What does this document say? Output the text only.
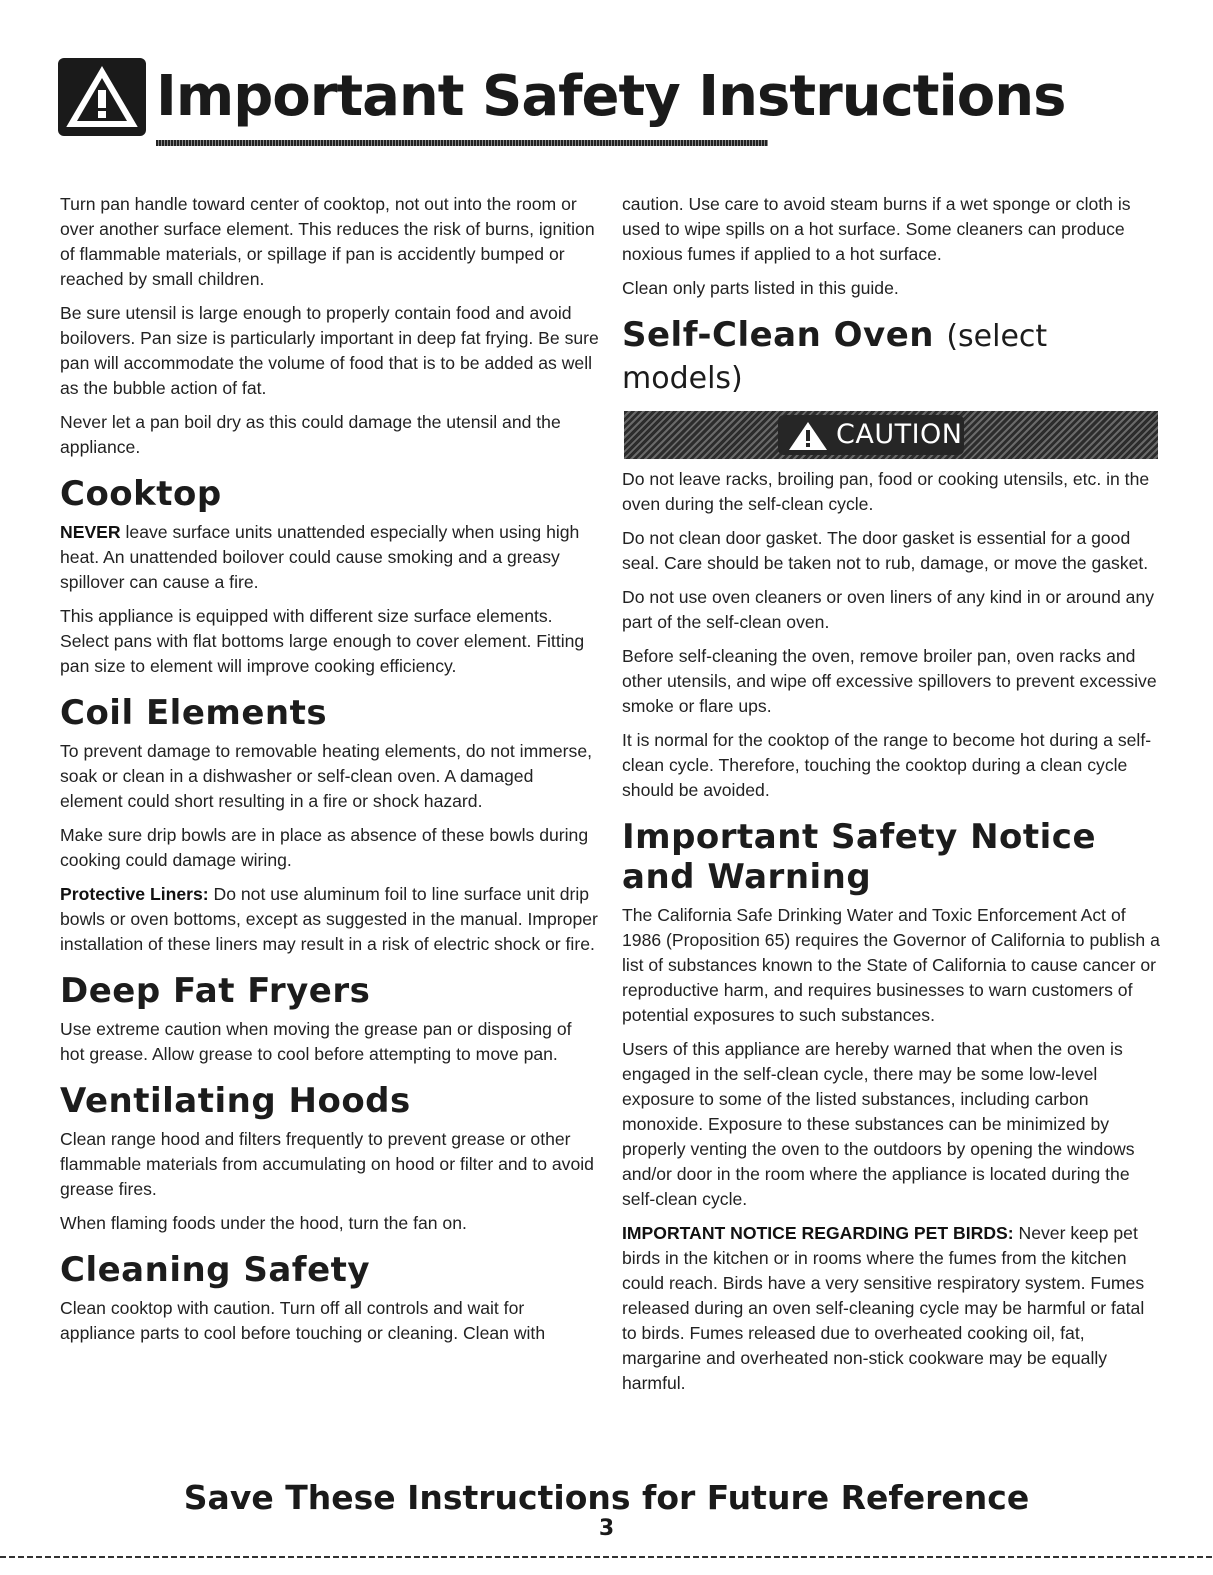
Important Safety Instructions

Turn pan handle toward center of cooktop, not out into the room or over another surface element. This reduces the risk of burns, ignition of flammable materials, or spillage if pan is accidently bumped or reached by small children.

Be sure utensil is large enough to properly contain food and avoid boilovers. Pan size is particularly important in deep fat frying. Be sure pan will accommodate the volume of food that is to be added as well as the bubble action of fat.

Never let a pan boil dry as this could damage the utensil and the appliance.

Cooktop

NEVER leave surface units unattended especially when using high heat. An unattended boilover could cause smoking and a greasy spillover can cause a fire.

This appliance is equipped with different size surface elements. Select pans with flat bottoms large enough to cover element. Fitting pan size to element will improve cooking efficiency.

Coil Elements

To prevent damage to removable heating elements, do not immerse, soak or clean in a dishwasher or self-clean oven. A damaged element could short resulting in a fire or shock hazard.

Make sure drip bowls are in place as absence of these bowls during cooking could damage wiring.

Protective Liners: Do not use aluminum foil to line surface unit drip bowls or oven bottoms, except as suggested in the manual. Improper installation of these liners may result in a risk of electric shock or fire.

Deep Fat Fryers

Use extreme caution when moving the grease pan or disposing of hot grease. Allow grease to cool before attempting to move pan.

Ventilating Hoods

Clean range hood and filters frequently to prevent grease or other flammable materials from accumulating on hood or filter and to avoid grease fires.

When flaming foods under the hood, turn the fan on.

Cleaning Safety

Clean cooktop with caution. Turn off all controls and wait for appliance parts to cool before touching or cleaning. Clean with

caution. Use care to avoid steam burns if a wet sponge or cloth is used to wipe spills on a hot surface. Some cleaners can produce noxious fumes if applied to a hot surface.

Clean only parts listed in this guide.

Self-Clean Oven (select models)
CAUTION

Do not leave racks, broiling pan, food or cooking utensils, etc. in the oven during the self-clean cycle.

Do not clean door gasket. The door gasket is essential for a good seal. Care should be taken not to rub, damage, or move the gasket.

Do not use oven cleaners or oven liners of any kind in or around any part of the self-clean oven.

Before self-cleaning the oven, remove broiler pan, oven racks and other utensils, and wipe off excessive spillovers to prevent excessive smoke or flare ups.

It is normal for the cooktop of the range to become hot during a self-clean cycle. Therefore, touching the cooktop during a clean cycle should be avoided.

Important Safety Notice and Warning

The California Safe Drinking Water and Toxic Enforcement Act of 1986 (Proposition 65) requires the Governor of California to publish a list of substances known to the State of California to cause cancer or reproductive harm, and requires businesses to warn customers of potential exposures to such substances.

Users of this appliance are hereby warned that when the oven is engaged in the self-clean cycle, there may be some low-level exposure to some of the listed substances, including carbon monoxide. Exposure to these substances can be minimized by properly venting the oven to the outdoors by opening the windows and/or door in the room where the appliance is located during the self-clean cycle.

IMPORTANT NOTICE REGARDING PET BIRDS: Never keep pet birds in the kitchen or in rooms where the fumes from the kitchen could reach. Birds have a very sensitive respiratory system. Fumes released during an oven self-cleaning cycle may be harmful or fatal to birds. Fumes released due to overheated cooking oil, fat, margarine and overheated non-stick cookware may be equally harmful.

Save These Instructions for Future Reference
3
